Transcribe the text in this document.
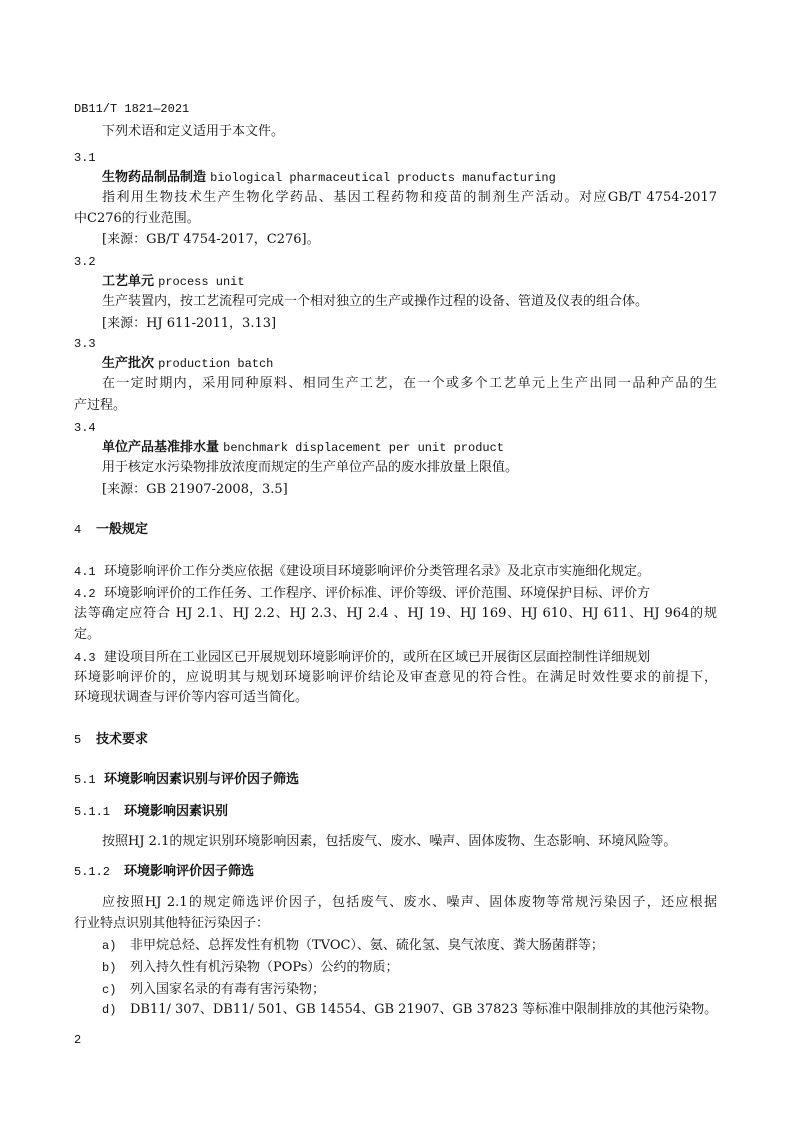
DB11/T 1821—2021
下列术语和定义适用于本文件。
3.1
生物药品制品制造 biological pharmaceutical products manufacturing
指利用生物技术生产生物化学药品、基因工程药物和疫苗的制剂生产活动。对应GB/T 4754-2017
中C276的行业范围。
[来源：GB/T 4754-2017，C276]。
3.2
工艺单元 process unit
生产装置内，按工艺流程可完成一个相对独立的生产或操作过程的设备、管道及仪表的组合体。
[来源：HJ 611-2011，3.13]
3.3
生产批次 production batch
在一定时期内，采用同种原料、相同生产工艺，在一个或多个工艺单元上生产出同一品种产品的生
产过程。
3.4
单位产品基准排水量 benchmark displacement per unit product
用于核定水污染物排放浓度而规定的生产单位产品的废水排放量上限值。
[来源：GB 21907-2008，3.5]
4 一般规定
4.1 环境影响评价工作分类应依据《建设项目环境影响评价分类管理名录》及北京市实施细化规定。
4.2 环境影响评价的工作任务、工作程序、评价标准、评价等级、评价范围、环境保护目标、评价方
法等确定应符合 HJ 2.1、HJ 2.2、HJ 2.3、HJ 2.4 、HJ 19、HJ 169、HJ 610、HJ 611、HJ 964的规
定。
4.3 建设项目所在工业园区已开展规划环境影响评价的，或所在区域已开展街区层面控制性详细规划
环境影响评价的，应说明其与规划环境影响评价结论及审查意见的符合性。在满足时效性要求的前提下，
环境现状调查与评价等内容可适当简化。
5 技术要求
5.1 环境影响因素识别与评价因子筛选
5.1.1 环境影响因素识别
按照HJ 2.1的规定识别环境影响因素，包括废气、废水、噪声、固体废物、生态影响、环境风险等。
5.1.2 环境影响评价因子筛选
应按照HJ 2.1的规定筛选评价因子，包括废气、废水、噪声、固体废物等常规污染因子，还应根据
行业特点识别其他特征污染因子：
a) 非甲烷总烃、总挥发性有机物（TVOC）、氨、硫化氢、臭气浓度、粪大肠菌群等；
b) 列入持久性有机污染物（POPs）公约的物质；
c) 列入国家名录的有毒有害污染物；
d) DB11/ 307、DB11/ 501、GB 14554、GB 21907、GB 37823 等标准中限制排放的其他污染物。
2
